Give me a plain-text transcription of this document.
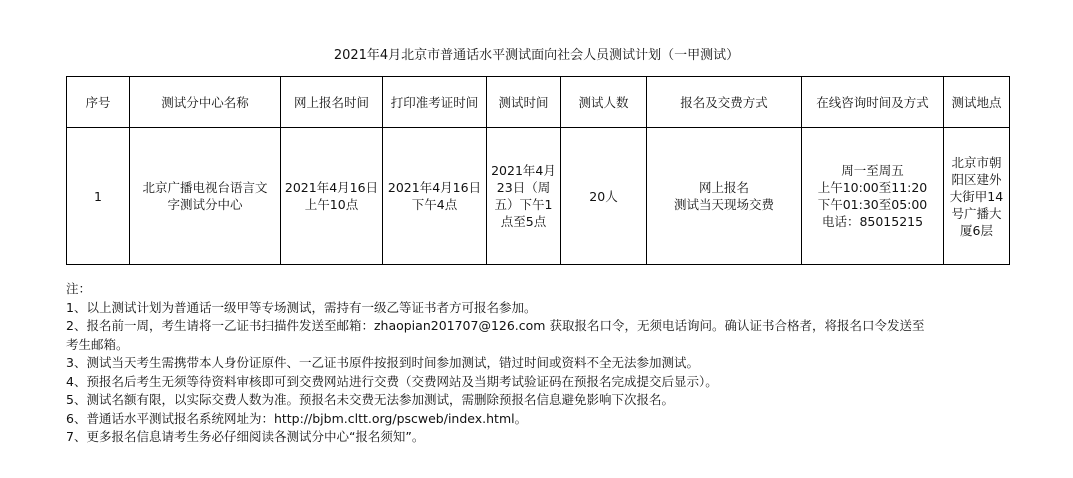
2021年4月北京市普通话水平测试面向社会人员测试计划（一甲测试）
序号	测试分中心名称	网上报名时间	打印准考证时间	测试时间	测试人数	报名及交费方式	在线咨询时间及方式	测试地点
1	北京广播电视台语言文
字测试分中心	2021年4月16日
上午10点	2021年4月16日
下午4点	2021年4月
23日（周
五）下午1
点至5点	20人	网上报名
测试当天现场交费	周一至周五
上午10:00至11:20
下午01:30至05:00
电话：85015215	北京市朝
阳区建外
大街甲14
号广播大
厦6层
注：
1、以上测试计划为普通话一级甲等专场测试，需持有一级乙等证书者方可报名参加。
2、报名前一周，考生请将一乙证书扫描件发送至邮箱：zhaopian201707@126.com 获取报名口令，无须电话询问。确认证书合格者，将报名口令发送至
考生邮箱。
3、测试当天考生需携带本人身份证原件、一乙证书原件按报到时间参加测试，错过时间或资料不全无法参加测试。
4、预报名后考生无须等待资料审核即可到交费网站进行交费（交费网站及当期考试验证码在预报名完成提交后显示）。
5、测试名额有限，以实际交费人数为准。预报名未交费无法参加测试，需删除预报名信息避免影响下次报名。
6、普通话水平测试报名系统网址为：http://bjbm.cltt.org/pscweb/index.html。
7、更多报名信息请考生务必仔细阅读各测试分中心“报名须知”。
